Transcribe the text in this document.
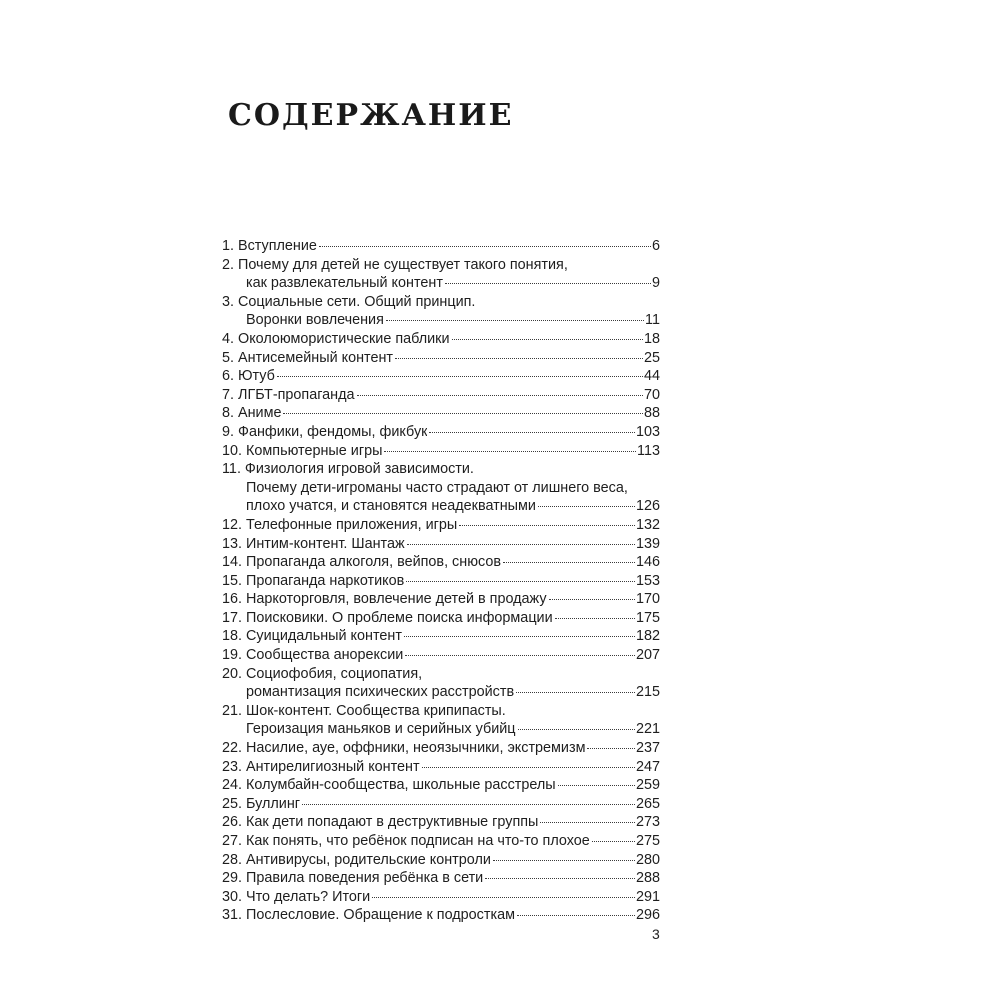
СОДЕРЖАНИЕ
1. Вступление	6
2. Почему для детей не существует такого понятия,
как развлекательный контент	9
3. Социальные сети. Общий принцип.
Воронки вовлечения	11
4. Околоюмористические паблики	18
5. Антисемейный контент	25
6. Ютуб	44
7. ЛГБТ-пропаганда	70
8. Аниме	88
9. Фанфики, фендомы, фикбук	103
10. Компьютерные игры	113
11. Физиология игровой зависимости.
Почему дети-игроманы часто страдают от лишнего веса,
плохо учатся, и становятся неадекватными	126
12. Телефонные приложения, игры	132
13. Интим-контент. Шантаж	139
14. Пропаганда алкоголя, вейпов, снюсов	146
15. Пропаганда наркотиков	153
16. Наркоторговля, вовлечение детей в продажу	170
17. Поисковики. О проблеме поиска информации	175
18. Суицидальный контент	182
19. Сообщества анорексии	207
20. Социофобия, социопатия,
романтизация психических расстройств	215
21. Шок-контент. Сообщества крипипасты.
Героизация маньяков и серийных убийц	221
22. Насилие, ауе, оффники, неоязычники, экстремизм	237
23. Антирелигиозный контент	247
24. Колумбайн-сообщества, школьные расстрелы	259
25. Буллинг	265
26. Как дети попадают в деструктивные группы	273
27. Как понять, что ребёнок подписан на что-то плохое	275
28. Антивирусы, родительские контроли	280
29. Правила поведения ребёнка в сети	288
30. Что делать? Итоги	291
31. Послесловие. Обращение к подросткам	296
3
